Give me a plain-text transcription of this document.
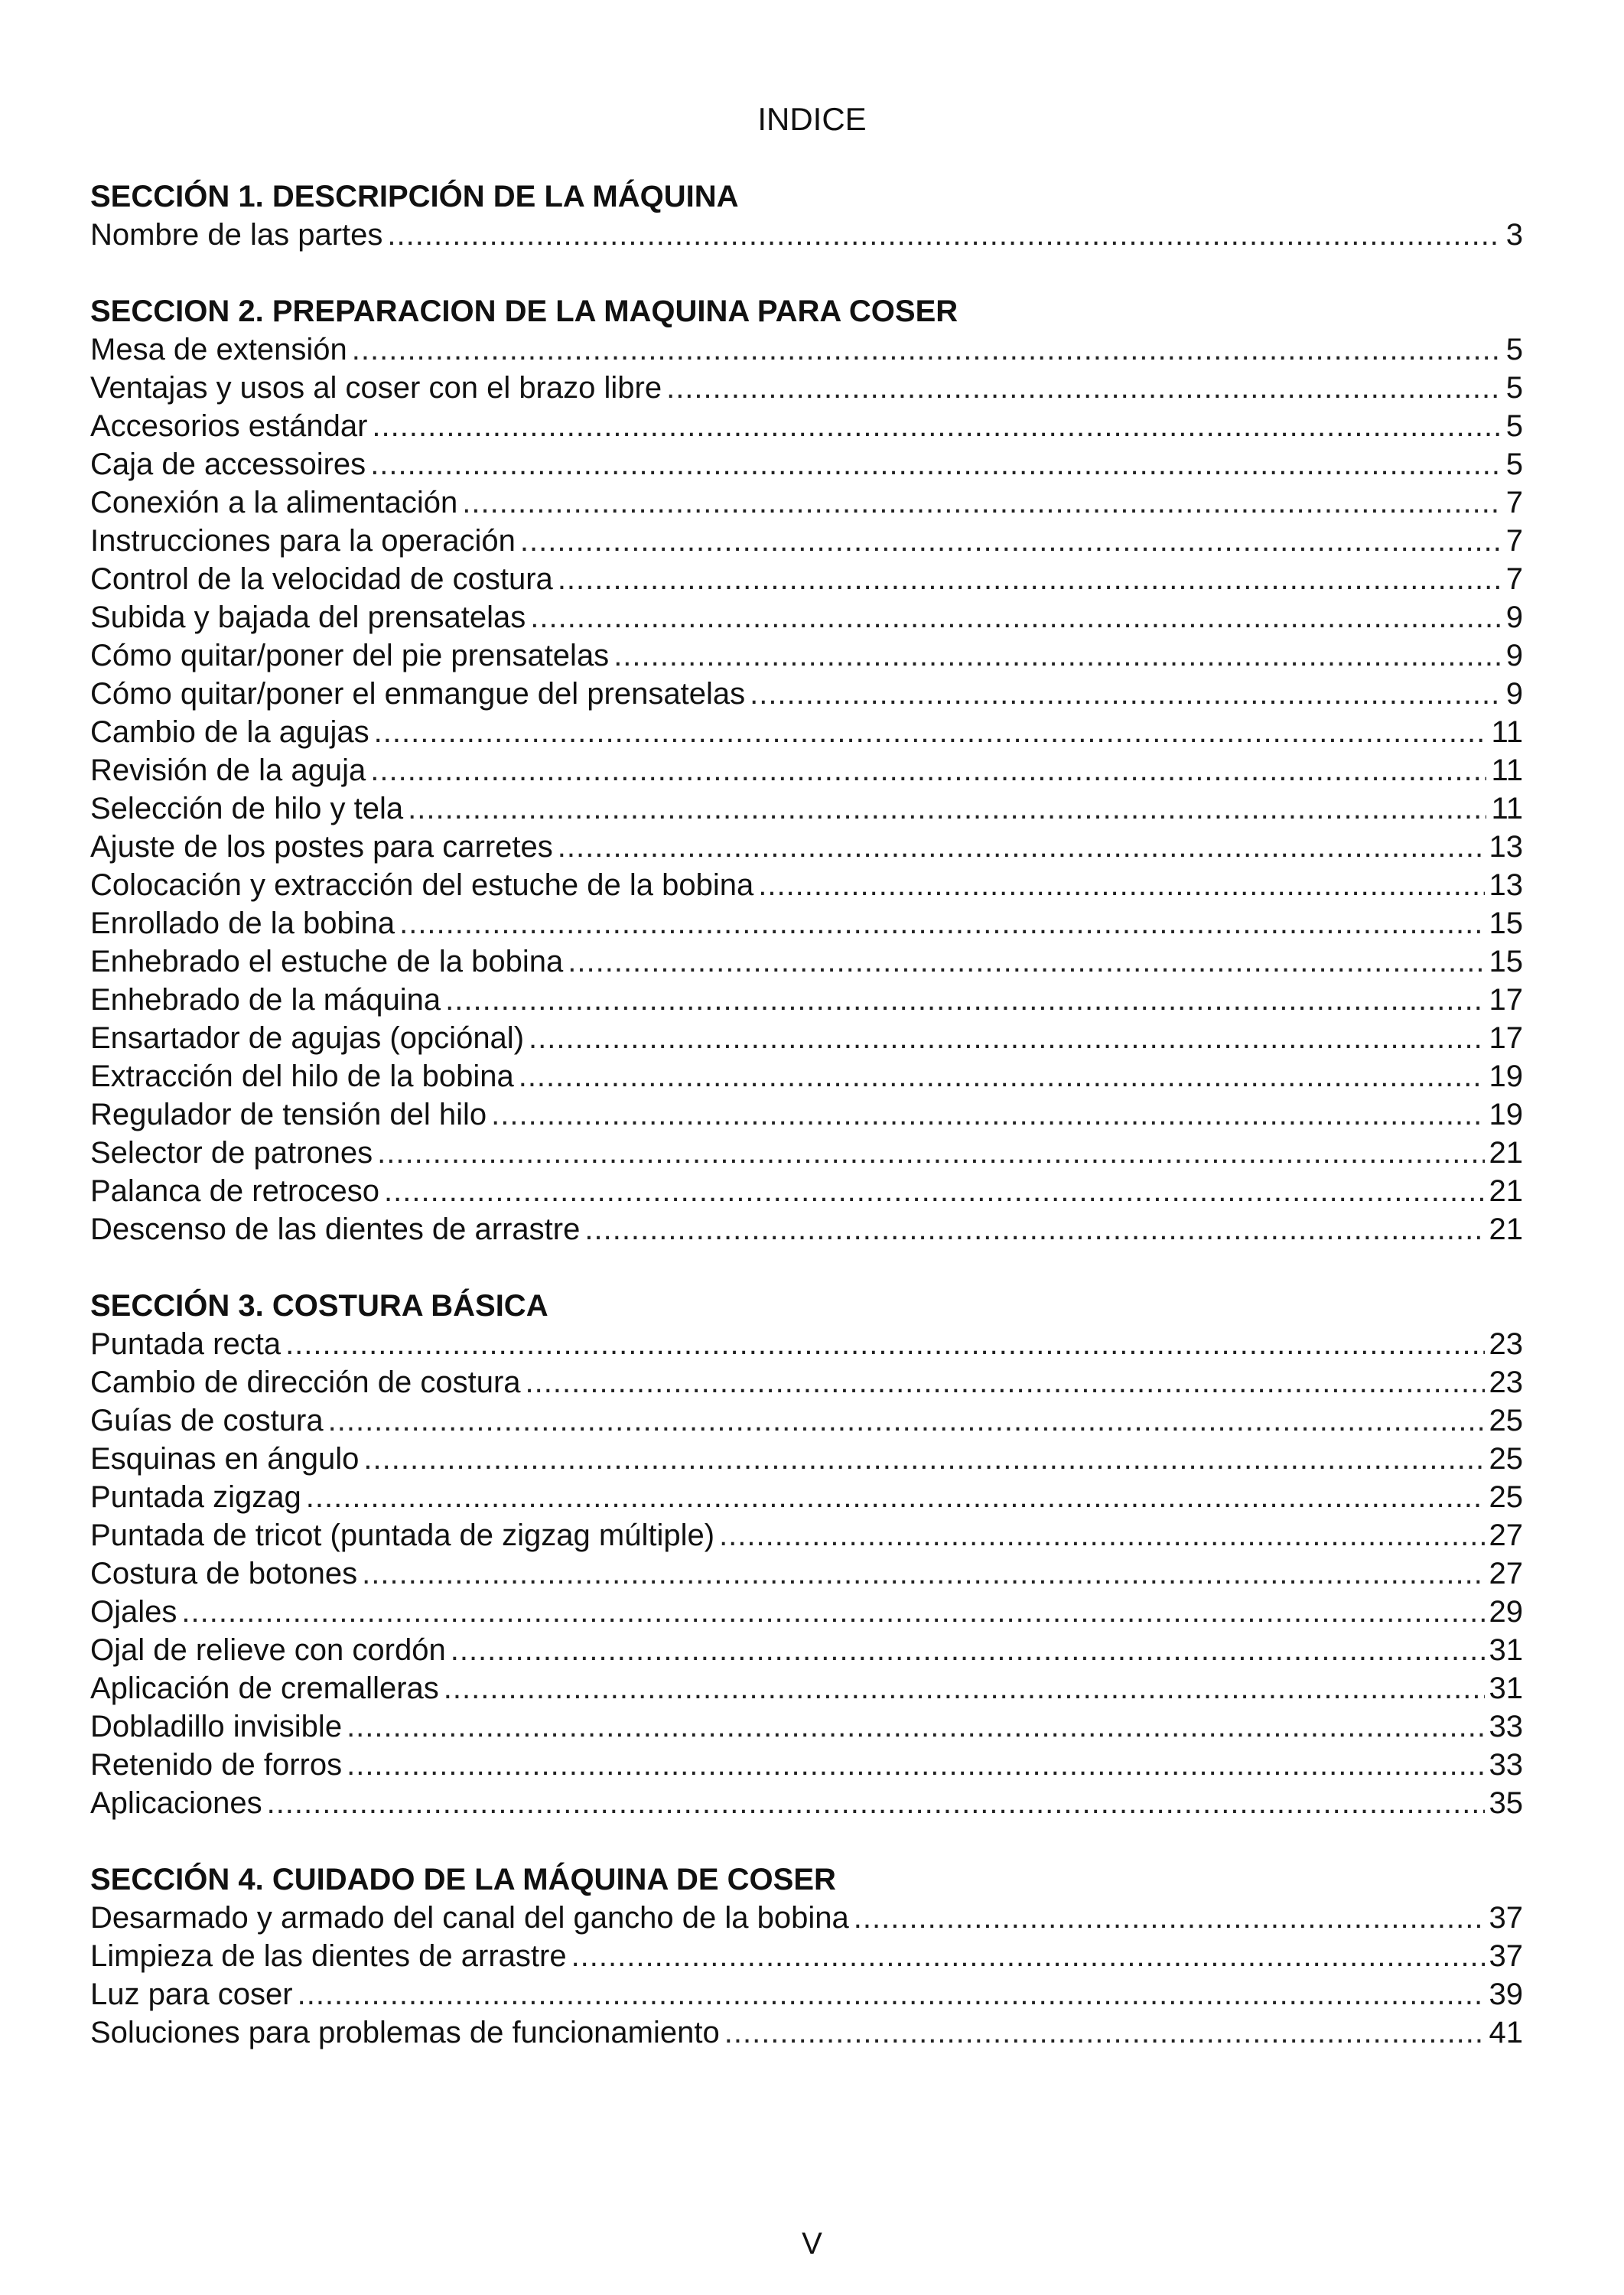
INDICE
SECCIÓN 1. DESCRIPCIÓN DE LA MÁQUINA
Nombre de las partes .....	3
SECCION 2. PREPARACION DE LA MAQUINA PARA COSER
Mesa de extensión .....	5
Ventajas y usos al coser con el brazo libre .....	5
Accesorios estándar .....	5
Caja de accessoires .....	5
Conexión a la alimentación .....	7
Instrucciones para la operación .....	7
Control de la velocidad de costura .....	7
Subida y bajada del prensatelas .....	9
Cómo quitar/poner del pie prensatelas .....	9
Cómo quitar/poner el enmangue del prensatelas .....	9
Cambio de la agujas .....	11
Revisión de la aguja .....	11
Selección de hilo y tela .....	11
Ajuste de los postes para carretes .....	13
Colocación y extracción del estuche de la bobina .....	13
Enrollado de la bobina .....	15
Enhebrado el estuche de la bobina .....	15
Enhebrado de la máquina .....	17
Ensartador de agujas (opciónal) .....	17
Extracción del hilo de la bobina .....	19
Regulador de tensión del hilo .....	19
Selector de patrones .....	21
Palanca de retroceso .....	21
Descenso de las dientes de arrastre .....	21
SECCIÓN 3. COSTURA BÁSICA
Puntada recta .....	23
Cambio de dirección de costura .....	23
Guías de costura .....	25
Esquinas en ángulo .....	25
Puntada zigzag .....	25
Puntada de tricot (puntada de zigzag múltiple) .....	27
Costura de botones .....	27
Ojales .....	29
Ojal de relieve con cordón .....	31
Aplicación de cremalleras .....	31
Dobladillo invisible .....	33
Retenido de forros .....	33
Aplicaciones .....	35
SECCIÓN 4. CUIDADO DE LA MÁQUINA DE COSER
Desarmado y armado del canal del gancho de la bobina .....	37
Limpieza de las dientes de arrastre .....	37
Luz para coser .....	39
Soluciones para problemas de funcionamiento .....	41
V
